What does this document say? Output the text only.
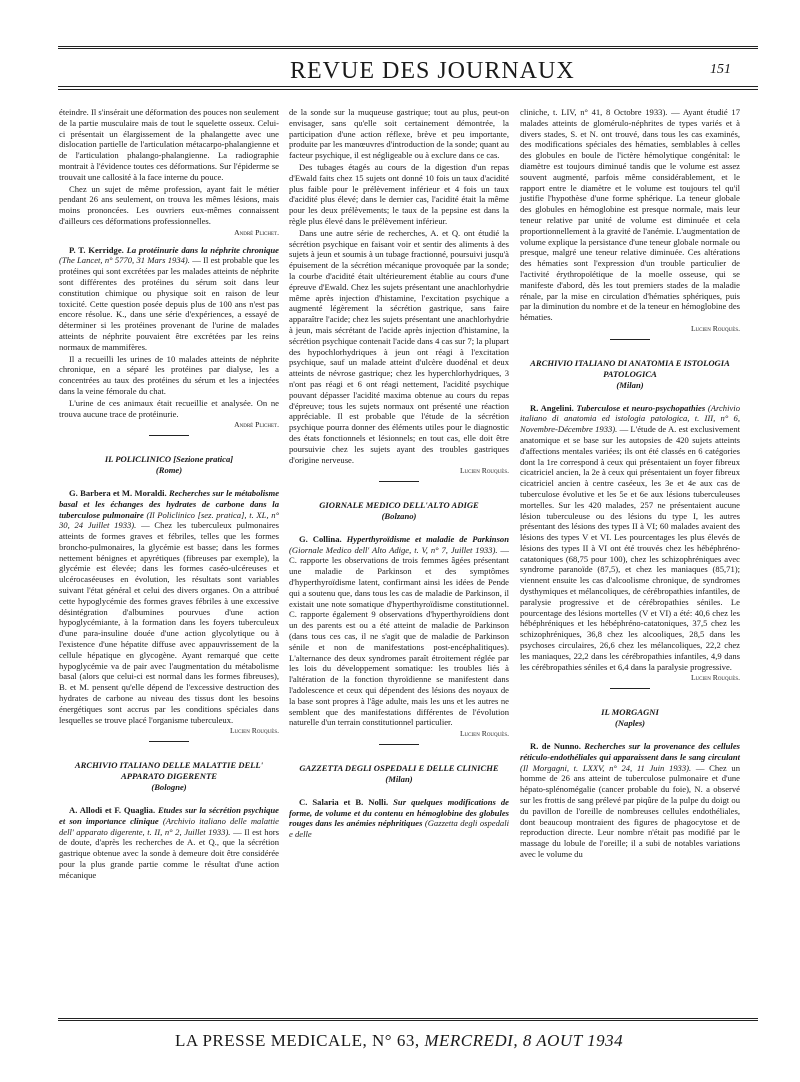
REVUE DES JOURNAUX	151

éteindre. Il s'insérait une déformation des pouces non seulement de la partie musculaire mais de tout le squelette osseux. Celui-ci présentait un élargissement de la phalangette avec une dislocation partielle de l'articulation métacarpo-phalangienne et de l'articulation phalango-phalangienne. La radiographie montrait à l'évidence toutes ces déformations. Sur l'épiderme se trouvait une callosité à la face interne du pouce.

Chez un sujet de même profession, ayant fait le métier pendant 26 ans seulement, on trouva les mêmes lésions, mais moins prononcées. Les ouvriers eux-mêmes connaissent d'ailleurs ces déformations professionnelles.

André Plichet.

P. T. Kerridge. La protéinurie dans la néphrite chronique (The Lancet, n° 5770, 31 Mars 1934). — Il est probable que les protéines qui sont excrétées par les malades atteints de néphrite sont différentes des protéines du sérum soit dans leur constitution chimique ou physique soit en raison de leur toxicité. Cette question posée depuis plus de 100 ans n'est pas encore résolue. K., dans une série d'expériences, a essayé de déterminer si les protéines provenant de l'urine de malades atteints de néphrite pouvaient être excrétées par les reins normaux de mammifères.

Il a recueilli les urines de 10 malades atteints de néphrite chronique, en a séparé les protéines par dialyse, les a concentrées au taux des protéines du sérum et les a injectées dans la veine fémorale du chat.

L'urine de ces animaux était recueillie et analysée. On ne trouva aucune trace de protéinurie.

André Plichet.

IL POLICLINICO [Sezione pratica]
(Rome)

G. Barbera et M. Moraldi. Recherches sur le métabolisme basal et les échanges des hydrates de carbone dans la tuberculose pulmonaire (Il Policlinico [sez. pratica], t. XL, n° 30, 24 Juillet 1933). — Chez les tuberculeux pulmonaires atteints de formes graves et fébriles, telles que les formes broncho-pulmonaires, la glycémie est basse; dans les formes nettement bénignes et apyrétiques (fibreuses par exemple), la glycémie est élevée; dans les formes caséo-ulcéreuses et ulcérocaséeuses en évolution, les résultats sont variables suivant l'état général et celui des divers organes. On a attribué cette hypoglycémie des formes graves fébriles à une excessive désintégration d'albumines pourvues d'une action hypoglycémiante, à la formation dans les foyers tuberculeux d'une para-insuline douée d'une action glycolytique ou à l'existence d'une hépatite diffuse avec appauvrissement de la cellule hépatique en glycogène. Ayant remarqué que cette hypoglycémie va de pair avec l'augmentation du métabolisme basal (alors que celui-ci est normal dans les formes fibreuses), B. et M. pensent qu'elle dépend de l'excessive destruction des hydrates de carbone au niveau des tissus dont les besoins énergétiques sont accrus par les conditions spéciales dans lesquelles se trouve placé l'organisme tuberculeux.

Lucien Rouquès.

ARCHIVIO ITALIANO DELLE MALATTIE DELL' APPARATO DIGERENTE
(Bologne)

A. Allodi et F. Quaglia. Etudes sur la sécrétion psychique et son importance clinique (Archivio italiano delle malattie dell' apparato digerente, t. II, n° 2, Juillet 1933). — Il est hors de doute, d'après les recherches de A. et Q., que la sécrétion gastrique obtenue avec la sonde à demeure doit être considérée pour la plus grande partie comme le résultat d'une action mécanique

de la sonde sur la muqueuse gastrique; tout au plus, peut-on envisager, sans qu'elle soit certainement démontrée, la participation d'une action réflexe, brève et peu importante, produite par les manœuvres d'introduction de la sonde; quant au facteur psychique, il est négligeable ou à exclure dans ce cas.

Des tubages étagés au cours de la digestion d'un repas d'Ewald faits chez 15 sujets ont donné 10 fois un taux d'acidité plus faible pour le prélèvement inférieur et 4 fois un taux d'acidité plus élevé; dans le dernier cas, l'acidité était la même pour les deux prélèvements; le taux de la pepsine est dans la règle plus élevé dans le prélèvement inférieur.

Dans une autre série de recherches, A. et Q. ont étudié la sécrétion psychique en faisant voir et sentir des aliments à des sujets à jeun et soumis à un tubage fractionné, poursuivi jusqu'à épuisement de la sécrétion mécanique provoquée par la sonde; la courbe d'acidité était ultérieurement établie au cours d'une épreuve d'Ewald. Chez les sujets présentant une anachlorhydrie même après injection d'histamine, l'excitation psychique a augmenté légèrement la sécrétion gastrique, sans faire apparaître l'acide; chez les sujets présentant une anachlorhydrie à jeun, mais sécrétant de l'acide après injection d'histamine, la sécrétion psychique contenait l'acide dans 4 cas sur 7; la plupart des hypochlorhydriques à jeun ont réagi à l'excitation psychique, sauf un malade atteint d'ulcère duodénal et deux atteints de névrose gastrique; chez les hyperchlorhydriques, 3 n'ont pas réagi et 6 ont réagi nettement, l'acidité psychique pouvant dépasser l'acidité maxima obtenue au cours du repas d'épreuve; tous les sujets normaux ont présenté une réaction appréciable. Il est probable que l'étude de la sécrétion psychique pourra donner des éléments utiles pour le diagnostic des états fonctionnels et lésionnels; en tout cas, elle doit être poursuivie chez les sujets ayant des troubles gastriques d'origine nerveuse.

Lucien Rouquès.

GIORNALE MEDICO DELL'ALTO ADIGE
(Bolzano)

G. Collina. Hyperthyroïdisme et maladie de Parkinson (Giornale Medico dell' Alto Adige, t. V, n° 7, Juillet 1933). — C. rapporte les observations de trois femmes âgées présentant une maladie de Parkinson et des symptômes d'hyperthyroïdisme latent, confirmant ainsi les idées de Pende qui a soutenu que, dans tous les cas de maladie de Parkinson, il existait une note somatique d'hyperthyroïdisme constitutionnel. C. rapporte également 9 observations d'hyperthyroïdiens dont un des parents est ou a été atteint de maladie de Parkinson (dans tous ces cas, il ne s'agit que de maladie de Parkinson sénile et non de manifestations post-encéphalitiques). L'alternance des deux syndromes paraît étroitement réglée par les lois du développement somatique: les troubles liés à l'altération de la fonction thyroïdienne se manifestent dans l'adolescence et ceux qui dépendent des lésions des noyaux de la base sont propres à l'âge adulte, mais les uns et les autres ne semblent que des manifestations différentes de l'évolution naturelle d'un terrain constitutionnel particulier.

Lucien Rouquès.

GAZZETTA DEGLI OSPEDALI E DELLE CLINICHE
(Milan)

C. Salaria et B. Nolli. Sur quelques modifications de forme, de volume et du contenu en hémoglobine des globules rouges dans les anémies néphritiques (Gazzetta degli ospedali e delle

cliniche, t. LIV, n° 41, 8 Octobre 1933). — Ayant étudié 17 malades atteints de glomérulo-néphrites de types variés et à divers stades, S. et N. ont trouvé, dans tous les cas examinés, des modifications spéciales des hématies, semblables à celles des globules en boule de l'ictère hémolytique congénital: le diamètre est toujours diminué tandis que le volume est assez souvent augmenté, parfois même considérablement, et le rapport entre le diamètre et le volume est toujours tel qu'il justifie l'hypothèse d'une forme sphérique. La teneur globale des globules en hémoglobine est presque normale, mais leur teneur relative par unité de volume est diminuée et cela proportionnellement à la gravité de l'anémie. L'augmentation de volume explique la persistance d'une teneur globale normale ou presque, malgré une teneur relative diminuée. Ces altérations des hématies sont l'expression d'un trouble particulier de l'activité érythropoïétique de la moelle osseuse, qui se manifeste d'abord, dès les tout premiers stades de la maladie rénale, par la mise en circulation d'hématies sphériques, puis par la diminution du nombre et de la teneur en hémoglobine des hématies.

Lucien Rouquès.

ARCHIVIO ITALIANO DI ANATOMIA E ISTOLOGIA PATOLOGICA
(Milan)

R. Angelini. Tuberculose et neuro-psychopathies (Archivio italiano di anatomia ed istologia patologica, t. III, n° 6, Novembre-Décembre 1933). — L'étude de A. est exclusivement anatomique et se base sur les autopsies de 420 sujets atteints d'affections mentales variées; ils ont été classés en 6 catégories dont la 1re correspond à ceux qui présentaient un foyer fibreux cicatriciel ancien, la 2e à ceux qui présentaient un foyer fibreux cicatriciel ancien à centre caséeux, les 3e et 4e aux cas de tuberculose évolutive et les 5e et 6e aux lésions tuberculeuses mortelles. Sur les 420 malades, 257 ne présentaient aucune lésion tuberculeuse ou des lésions du type I, les autres présentant des lésions des types II à VI; 60 malades avaient des lésions des types V et VI. Les pourcentages les plus élevés de lésions des types II à VI ont été trouvés chez les hébéphréno-catatoniques (68,75 pour 100), chez les schizophréniques avec syndrome paranoïde (87,5), et chez les maniaques (85,71); viennent ensuite les cas d'alcoolisme chronique, de syndromes dysthymiques et mélancoliques, de cérébropathies infantiles, de paralysie progressive et de cérébropathies séniles. Le pourcentage des lésions mortelles (V et VI) a été: 40,6 chez les hébéphréniques et les hébéphréno-catatoniques, 37,5 chez les schizophréniques, 36,8 chez les alcooliques, 28,5 dans les psychoses circulaires, 26,6 chez les mélancoliques, 22,2 chez les maniaques, 22,2 dans les cérébropathies infantiles, 4,9 dans les cérébropathies séniles et 6,4 dans la paralysie progressive.

Lucien Rouquès.

IL MORGAGNI
(Naples)

R. de Nunno. Recherches sur la provenance des cellules réticulo-endothéliales qui apparaissent dans le sang circulant (Il Morgagni, t. LXXV, n° 24, 11 Juin 1933). — Chez un homme de 26 ans atteint de tuberculose pulmonaire et d'une hépato-splénomégalie (cancer probable du foie), N. a observé sur les frottis de sang prélevé par piqûre de la pulpe du doigt ou du pavillon de l'oreille de nombreuses cellules endothéliales, dont beaucoup montraient des figures de phagocytose et de reproduction directe. Leur nombre n'était pas modifié par le massage du lobule de l'oreille; il a subi de notables variations avec le volume du

LA PRESSE MEDICALE, N° 63, MERCREDI, 8 AOUT 1934
